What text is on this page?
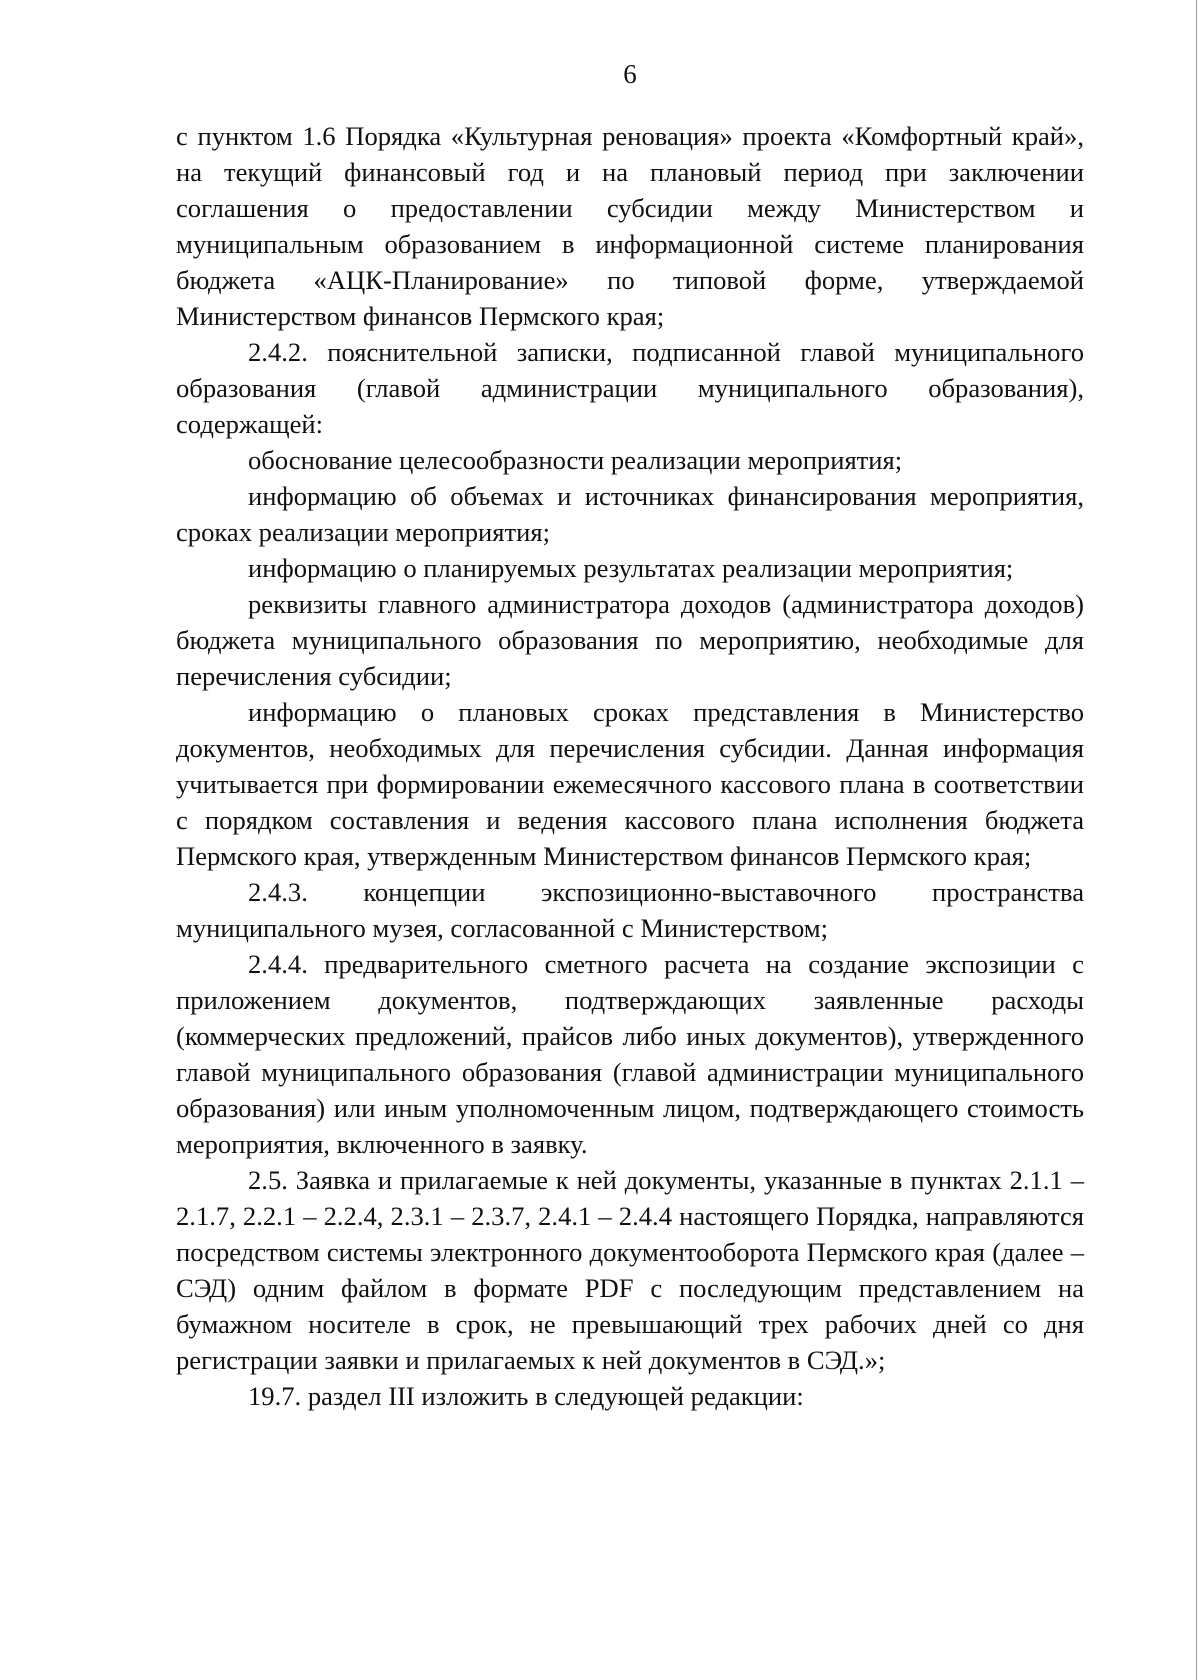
6

с пунктом 1.6 Порядка «Культурная реновация» проекта «Комфортный край», на текущий финансовый год и на плановый период при заключении соглашения о предоставлении субсидии между Министерством и муниципальным образованием в информационной системе планирования бюджета «АЦК-Планирование» по типовой форме, утверждаемой Министерством финансов Пермского края;

2.4.2. пояснительной записки, подписанной главой муниципального образования (главой администрации муниципального образования), содержащей:

обоснование целесообразности реализации мероприятия;

информацию об объемах и источниках финансирования мероприятия, сроках реализации мероприятия;

информацию о планируемых результатах реализации мероприятия;

реквизиты главного администратора доходов (администратора доходов) бюджета муниципального образования по мероприятию, необходимые для перечисления субсидии;

информацию о плановых сроках представления в Министерство документов, необходимых для перечисления субсидии. Данная информация учитывается при формировании ежемесячного кассового плана в соответствии с порядком составления и ведения кассового плана исполнения бюджета Пермского края, утвержденным Министерством финансов Пермского края;

2.4.3. концепции экспозиционно-выставочного пространства муниципального музея, согласованной с Министерством;

2.4.4. предварительного сметного расчета на создание экспозиции с приложением документов, подтверждающих заявленные расходы (коммерческих предложений, прайсов либо иных документов), утвержденного главой муниципального образования (главой администрации муниципального образования) или иным уполномоченным лицом, подтверждающего стоимость мероприятия, включенного в заявку.

2.5. Заявка и прилагаемые к ней документы, указанные в пунктах 2.1.1 – 2.1.7, 2.2.1 – 2.2.4, 2.3.1 – 2.3.7, 2.4.1 – 2.4.4 настоящего Порядка, направляются посредством системы электронного документооборота Пермского края (далее – СЭД) одним файлом в формате PDF с последующим представлением на бумажном носителе в срок, не превышающий трех рабочих дней со дня регистрации заявки и прилагаемых к ней документов в СЭД.»;

19.7. раздел III изложить в следующей редакции:
